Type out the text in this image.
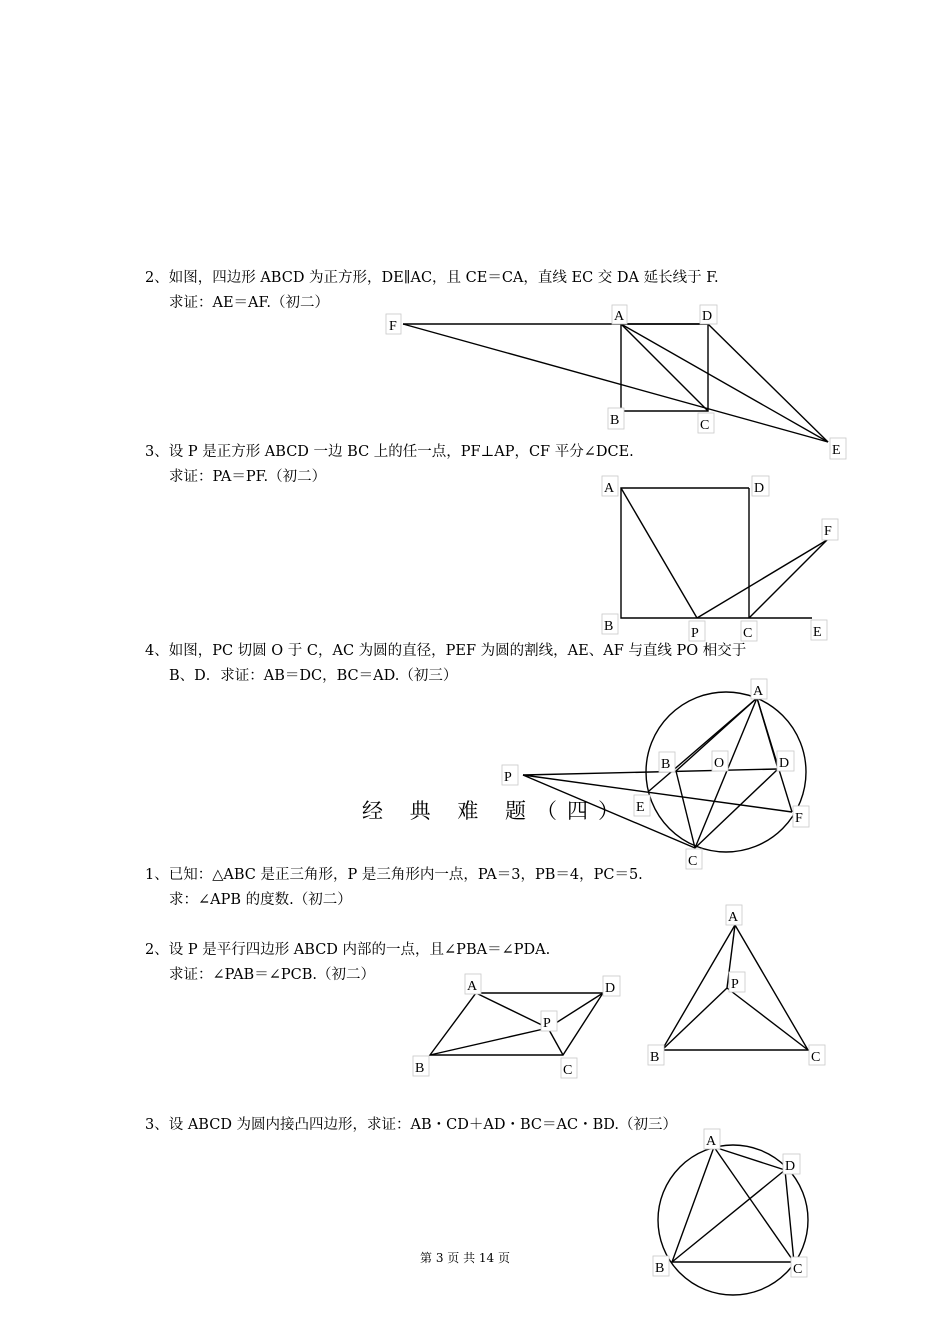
2、如图，四边形 ABCD 为正方形，DE∥AC，且 CE＝CA，直线 EC 交 DA 延长线于 F.
求证：AE＝AF.（初二）
3、设 P 是正方形 ABCD 一边 BC 上的任一点，PF⊥AP，CF 平分∠DCE.
求证：PA＝PF.（初二）
4、如图，PC 切圆 O 于 C，AC 为圆的直径，PEF 为圆的割线，AE、AF 与直线 PO 相交于
B、D．求证：AB＝DC，BC＝AD.（初三）
经 典 难 题（四）
1、已知：△ABC 是正三角形，P 是三角形内一点，PA＝3，PB＝4，PC＝5.
求：∠APB 的度数.（初二）
2、设 P 是平行四边形 ABCD 内部的一点，且∠PBA＝∠PDA.
求证：∠PAB＝∠PCB.（初二）
3、设 ABCD 为圆内接凸四边形，求证：AB・CD＋AD・BC＝AC・BD.（初三）
第 3 页 共 14 页
F
A	D
B	C
E
A	D
F
B	P	C	E
A
P
B	O	D
E
F
C
A	D
P
B	C
A
P
B	C
A
D
B	C
